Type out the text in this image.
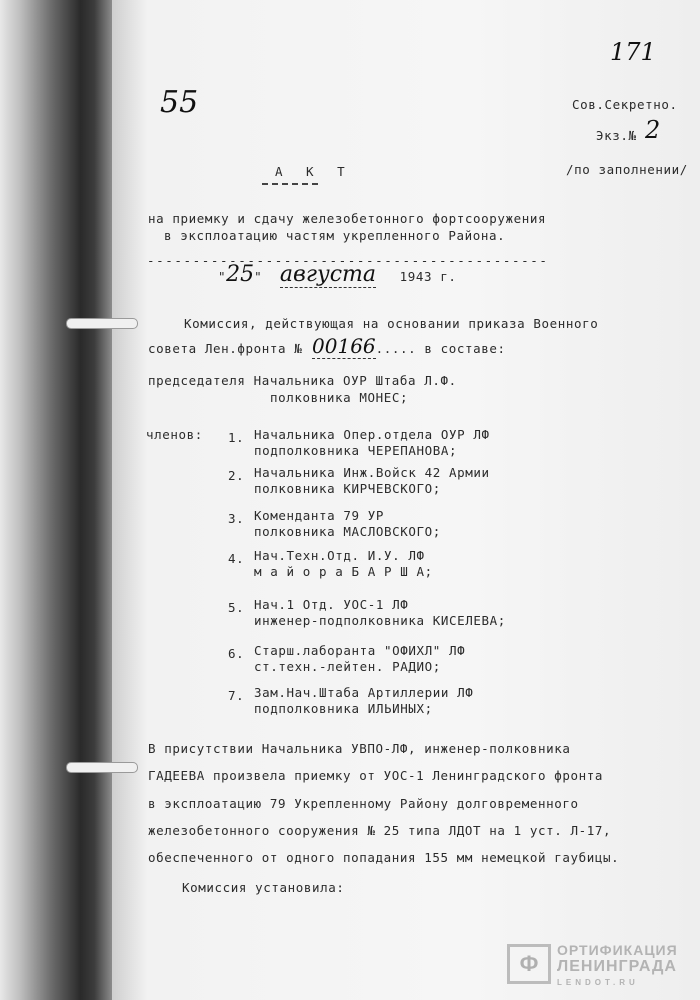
171
55	Сов.Секретно.
Экз.№ 2
/по заполнении/
А К Т
на приемку и сдачу железобетонного фортсооружения
в эксплоатацию частям укрепленного Района.
--------------------------------------------
"25" августа 1943 г.
Комиссия, действующая на основании приказа Военного
совета Лен.фронта № 00166..... в составе:
председателя Начальника ОУР Штаба Л.Ф.
полковника МОНЕС;
членов: 1. Начальника Опер.отдела ОУР ЛФ
подполковника ЧЕРЕПАНОВА;
2. Начальника Инж.Войск 42 Армии
полковника КИРЧЕВСКОГО;
3. Коменданта 79 УР
полковника МАСЛОВСКОГО;
4. Нач.Техн.Отд. И.У. ЛФ
м а й о р а Б А Р Ш А;
5. Нач.1 Отд. УОС-1 ЛФ
инженер-подполковника КИСЕЛЕВА;
6. Старш.лаборанта "ОФИХЛ" ЛФ
ст.техн.-лейтен. РАДИО;
7. Зам.Нач.Штаба Артиллерии ЛФ
подполковника ИЛЬИНЫХ;
В присутствии Начальника УВПО-ЛФ, инженер-полковника
ГАДЕЕВА произвела приемку от УОС-1 Ленинградского фронта
в эксплоатацию 79 Укрепленному Району долговременного
железобетонного сооружения № 25 типа ЛДОТ на 1 уст. Л-17,
обеспеченного от одного попадания 155 мм немецкой гаубицы.
Комиссия установила:
Ф
ОРТИФИКАЦИЯ
ЛЕНИНГРАДА
LENDOT.RU
